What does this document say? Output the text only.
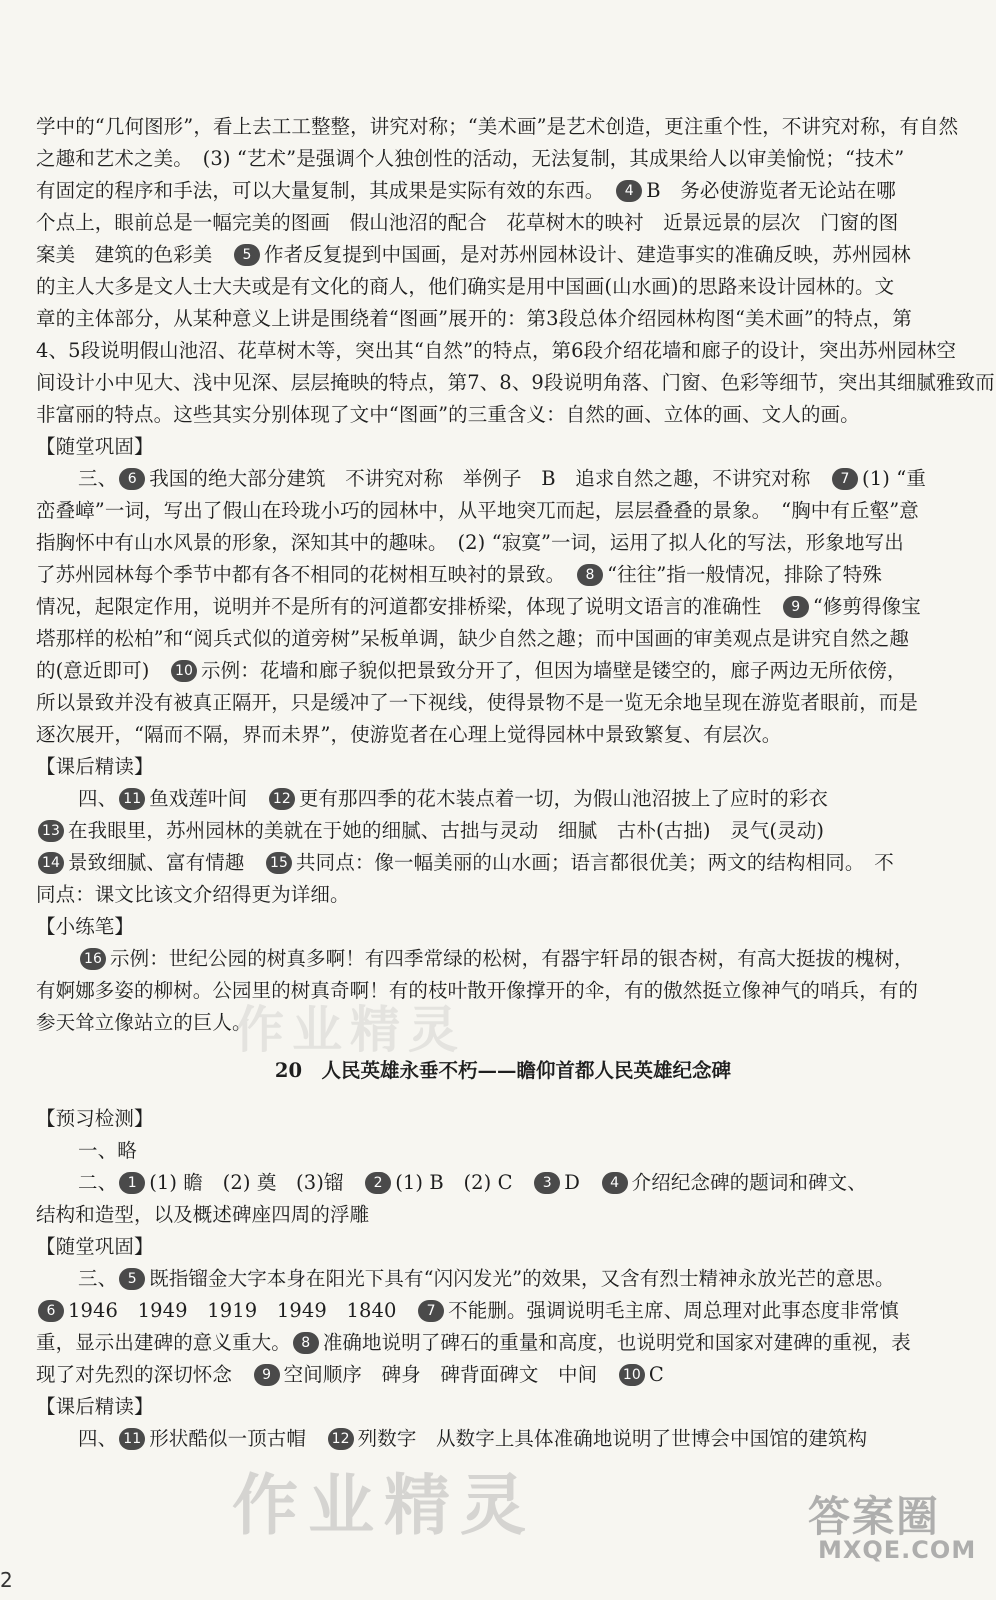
学中的“几何图形”，看上去工工整整，讲究对称；“美术画”是艺术创造，更注重个性，不讲究对称，有自然
之趣和艺术之美。　(3) “艺术”是强调个人独创性的活动，无法复制，其成果给人以审美愉悦；“技术”
有固定的程序和手法，可以大量复制，其成果是实际有效的东西。　 4 B　务必使游览者无论站在哪
个点上，眼前总是一幅完美的图画　假山池沼的配合　花草树木的映衬　近景远景的层次　门窗的图
案美　建筑的色彩美　 5 作者反复提到中国画，是对苏州园林设计、建造事实的准确反映，苏州园林
的主人大多是文人士大夫或是有文化的商人，他们确实是用中国画(山水画)的思路来设计园林的。文
章的主体部分，从某种意义上讲是围绕着“图画”展开的：第3段总体介绍园林构图“美术画”的特点，第
4、5段说明假山池沼、花草树木等，突出其“自然”的特点，第6段介绍花墙和廊子的设计，突出苏州园林空
间设计小中见大、浅中见深、层层掩映的特点，第7、8、9段说明角落、门窗、色彩等细节，突出其细腻雅致而
非富丽的特点。这些其实分别体现了文中“图画”的三重含义：自然的画、立体的画、文人的画。
【随堂巩固】
三、 6 我国的绝大部分建筑　不讲究对称　举例子　B　追求自然之趣，不讲究对称　 7 (1) “重
峦叠嶂”一词，写出了假山在玲珑小巧的园林中，从平地突兀而起，层层叠叠的景象。　“胸中有丘壑”意
指胸怀中有山水风景的形象，深知其中的趣味。　(2) “寂寞”一词，运用了拟人化的写法，形象地写出
了苏州园林每个季节中都有各不相同的花树相互映衬的景致。　 8 “往往”指一般情况，排除了特殊
情况，起限定作用，说明并不是所有的河道都安排桥梁，体现了说明文语言的准确性　 9 “修剪得像宝
塔那样的松柏”和“阅兵式似的道旁树”呆板单调，缺少自然之趣；而中国画的审美观点是讲究自然之趣
的(意近即可)　 10 示例：花墙和廊子貌似把景致分开了，但因为墙壁是镂空的，廊子两边无所依傍，
所以景致并没有被真正隔开，只是缓冲了一下视线，使得景物不是一览无余地呈现在游览者眼前，而是
逐次展开，“隔而不隔，界而未界”，使游览者在心理上觉得园林中景致繁复、有层次。
【课后精读】
四、 11 鱼戏莲叶间　 12 更有那四季的花木装点着一切，为假山池沼披上了应时的彩衣
13 在我眼里，苏州园林的美就在于她的细腻、古拙与灵动　细腻　古朴(古拙)　灵气(灵动)
14 景致细腻、富有情趣　 15 共同点：像一幅美丽的山水画；语言都很优美；两文的结构相同。　不
同点：课文比该文介绍得更为详细。
【小练笔】
16 示例：世纪公园的树真多啊！有四季常绿的松树，有器宇轩昂的银杏树，有高大挺拔的槐树，
有婀娜多姿的柳树。公园里的树真奇啊！有的枝叶散开像撑开的伞，有的傲然挺立像神气的哨兵，有的
参天耸立像站立的巨人。
20　人民英雄永垂不朽——瞻仰首都人民英雄纪念碑
【预习检测】
一、略
二、 1 (1) 瞻　(2) 奠　(3)镏　 2 (1) B　(2) C　 3 D　 4 介绍纪念碑的题词和碑文、
结构和造型，以及概述碑座四周的浮雕
【随堂巩固】
三、 5 既指镏金大字本身在阳光下具有“闪闪发光”的效果，又含有烈士精神永放光芒的意思。
6 1946　1949　1919　1949　1840　 7 不能删。强调说明毛主席、周总理对此事态度非常慎
重，显示出建碑的意义重大。 8 准确地说明了碑石的重量和高度，也说明党和国家对建碑的重视，表
现了对先烈的深切怀念　 9 空间顺序　碑身　碑背面碑文　中间　 10 C
【课后精读】
四、 11 形状酷似一顶古帽　 12 列数字　从数字上具体准确地说明了世博会中国馆的建筑构
2
作业精灵
作业精灵
答案圈
MXQE.COM
